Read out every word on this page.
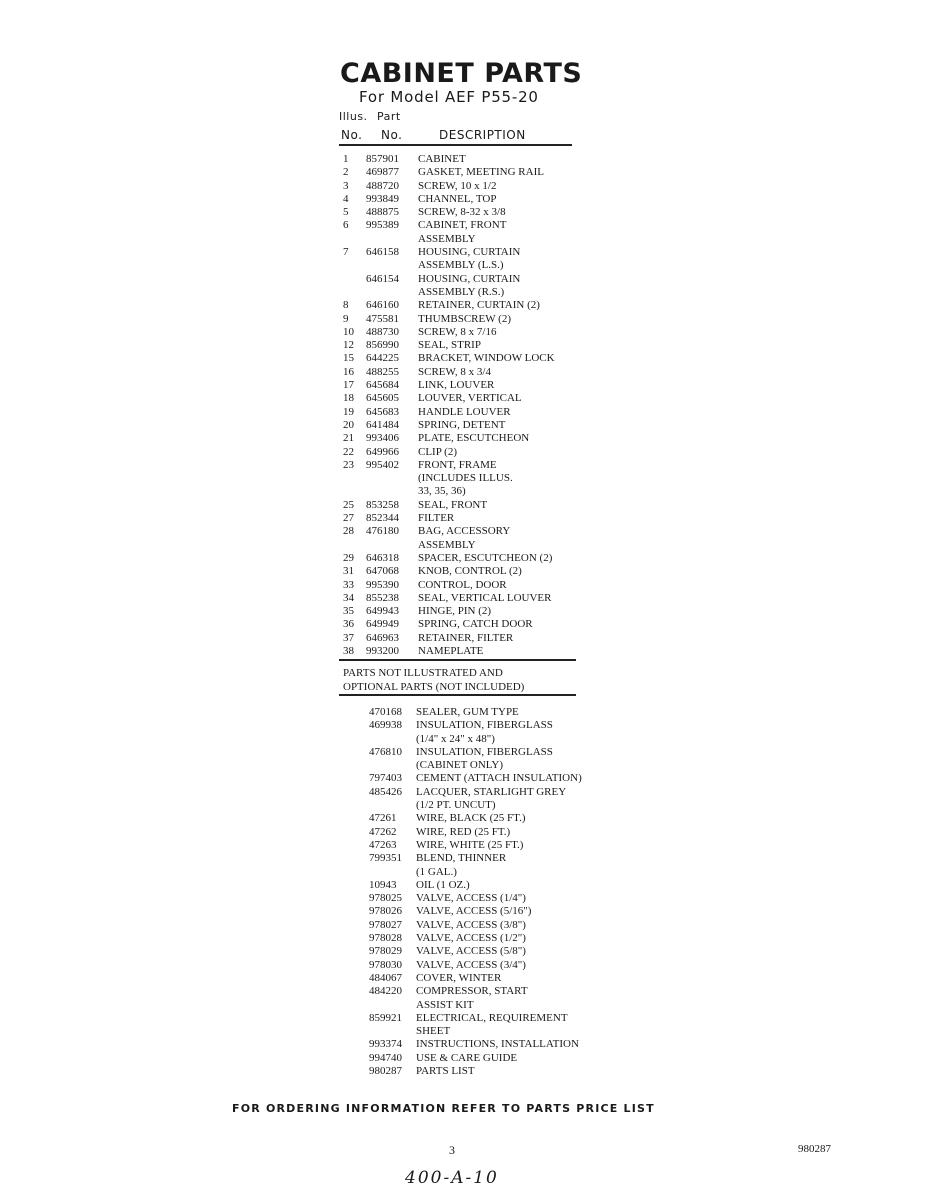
CABINET PARTS
For Model AEF P55-20
Illus. Part
No. No.	DESCRIPTION
1	857901	CABINET
2	469877	GASKET, MEETING RAIL
3	488720	SCREW, 10 x 1/2
4	993849	CHANNEL, TOP
5	488875	SCREW, 8-32 x 3/8
6	995389	CABINET, FRONT
ASSEMBLY
7	646158	HOUSING, CURTAIN
ASSEMBLY (L.S.)
646154	HOUSING, CURTAIN
ASSEMBLY (R.S.)
8	646160	RETAINER, CURTAIN (2)
9	475581	THUMBSCREW (2)
10	488730	SCREW, 8 x 7/16
12	856990	SEAL, STRIP
15	644225	BRACKET, WINDOW LOCK
16	488255	SCREW, 8 x 3/4
17	645684	LINK, LOUVER
18	645605	LOUVER, VERTICAL
19	645683	HANDLE LOUVER
20	641484	SPRING, DETENT
21	993406	PLATE, ESCUTCHEON
22	649966	CLIP (2)
23	995402	FRONT, FRAME
(INCLUDES ILLUS.
33, 35, 36)
25	853258	SEAL, FRONT
27	852344	FILTER
28	476180	BAG, ACCESSORY
ASSEMBLY
29	646318	SPACER, ESCUTCHEON (2)
31	647068	KNOB, CONTROL (2)
33	995390	CONTROL, DOOR
34	855238	SEAL, VERTICAL LOUVER
35	649943	HINGE, PIN (2)
36	649949	SPRING, CATCH DOOR
37	646963	RETAINER, FILTER
38	993200	NAMEPLATE
PARTS NOT ILLUSTRATED AND
OPTIONAL PARTS (NOT INCLUDED)
470168	SEALER, GUM TYPE
469938	INSULATION, FIBERGLASS
(1/4" x 24" x 48")
476810	INSULATION, FIBERGLASS
(CABINET ONLY)
797403	CEMENT (ATTACH INSULATION)
485426	LACQUER, STARLIGHT GREY
(1/2 PT. UNCUT)
47261	WIRE, BLACK (25 FT.)
47262	WIRE, RED (25 FT.)
47263	WIRE, WHITE (25 FT.)
799351	BLEND, THINNER
(1 GAL.)
10943	OIL (1 OZ.)
978025	VALVE, ACCESS (1/4")
978026	VALVE, ACCESS (5/16")
978027	VALVE, ACCESS (3/8")
978028	VALVE, ACCESS (1/2")
978029	VALVE, ACCESS (5/8")
978030	VALVE, ACCESS (3/4")
484067	COVER, WINTER
484220	COMPRESSOR, START
ASSIST KIT
859921	ELECTRICAL, REQUIREMENT
SHEET
993374	INSTRUCTIONS, INSTALLATION
994740	USE & CARE GUIDE
980287	PARTS LIST
FOR ORDERING INFORMATION REFER TO PARTS PRICE LIST
3	980287
400-A-10
